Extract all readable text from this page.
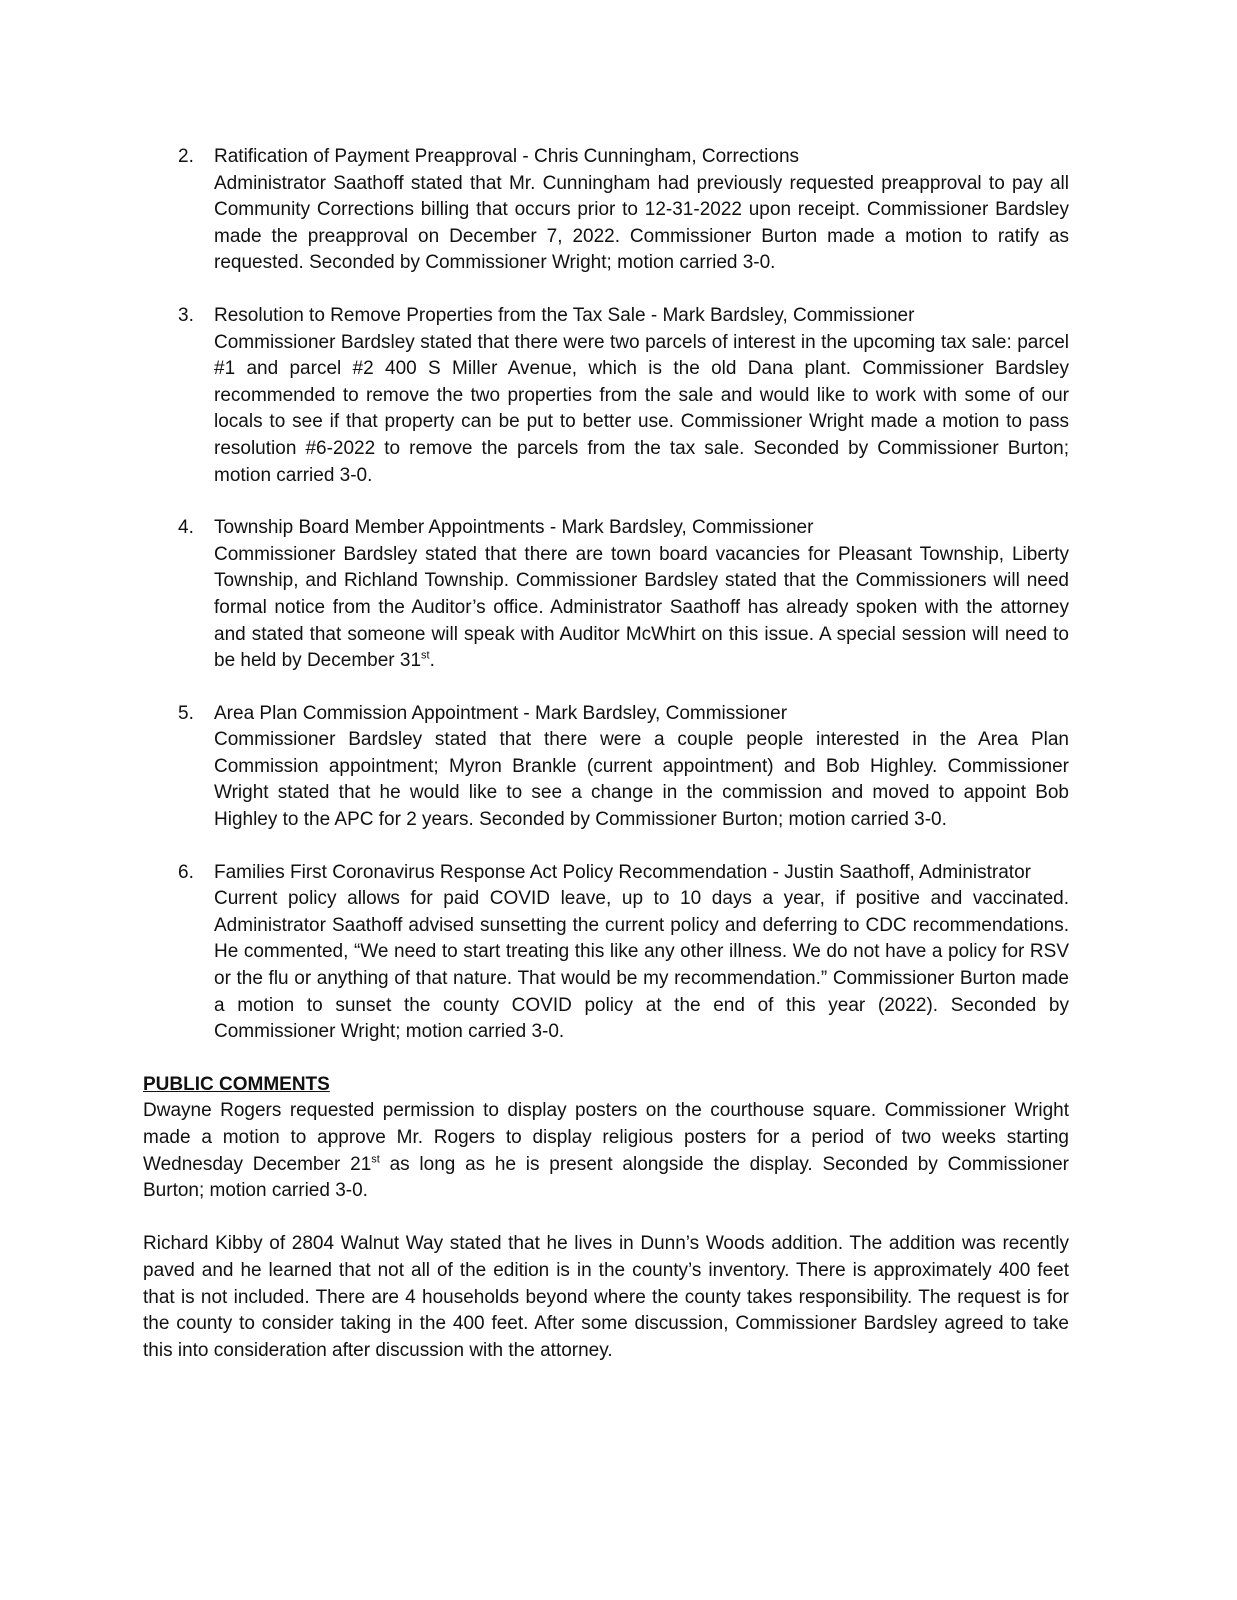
2. Ratification of Payment Preapproval - Chris Cunningham, Corrections
Administrator Saathoff stated that Mr. Cunningham had previously requested preapproval to pay all Community Corrections billing that occurs prior to 12-31-2022 upon receipt. Commissioner Bardsley made the preapproval on December 7, 2022. Commissioner Burton made a motion to ratify as requested. Seconded by Commissioner Wright; motion carried 3-0.
3. Resolution to Remove Properties from the Tax Sale - Mark Bardsley, Commissioner
Commissioner Bardsley stated that there were two parcels of interest in the upcoming tax sale: parcel #1 and parcel #2 400 S Miller Avenue, which is the old Dana plant. Commissioner Bardsley recommended to remove the two properties from the sale and would like to work with some of our locals to see if that property can be put to better use. Commissioner Wright made a motion to pass resolution #6-2022 to remove the parcels from the tax sale. Seconded by Commissioner Burton; motion carried 3-0.
4. Township Board Member Appointments - Mark Bardsley, Commissioner
Commissioner Bardsley stated that there are town board vacancies for Pleasant Township, Liberty Township, and Richland Township. Commissioner Bardsley stated that the Commissioners will need formal notice from the Auditor’s office. Administrator Saathoff has already spoken with the attorney and stated that someone will speak with Auditor McWhirt on this issue. A special session will need to be held by December 31st.
5. Area Plan Commission Appointment - Mark Bardsley, Commissioner
Commissioner Bardsley stated that there were a couple people interested in the Area Plan Commission appointment; Myron Brankle (current appointment) and Bob Highley. Commissioner Wright stated that he would like to see a change in the commission and moved to appoint Bob Highley to the APC for 2 years. Seconded by Commissioner Burton; motion carried 3-0.
6. Families First Coronavirus Response Act Policy Recommendation - Justin Saathoff, Administrator
Current policy allows for paid COVID leave, up to 10 days a year, if positive and vaccinated. Administrator Saathoff advised sunsetting the current policy and deferring to CDC recommendations. He commented, “We need to start treating this like any other illness. We do not have a policy for RSV or the flu or anything of that nature. That would be my recommendation.” Commissioner Burton made a motion to sunset the county COVID policy at the end of this year (2022). Seconded by Commissioner Wright; motion carried 3-0.
PUBLIC COMMENTS

Dwayne Rogers requested permission to display posters on the courthouse square. Commissioner Wright made a motion to approve Mr. Rogers to display religious posters for a period of two weeks starting Wednesday December 21st as long as he is present alongside the display. Seconded by Commissioner Burton; motion carried 3-0.

Richard Kibby of 2804 Walnut Way stated that he lives in Dunn’s Woods addition. The addition was recently paved and he learned that not all of the edition is in the county’s inventory. There is approximately 400 feet that is not included. There are 4 households beyond where the county takes responsibility. The request is for the county to consider taking in the 400 feet. After some discussion, Commissioner Bardsley agreed to take this into consideration after discussion with the attorney.
